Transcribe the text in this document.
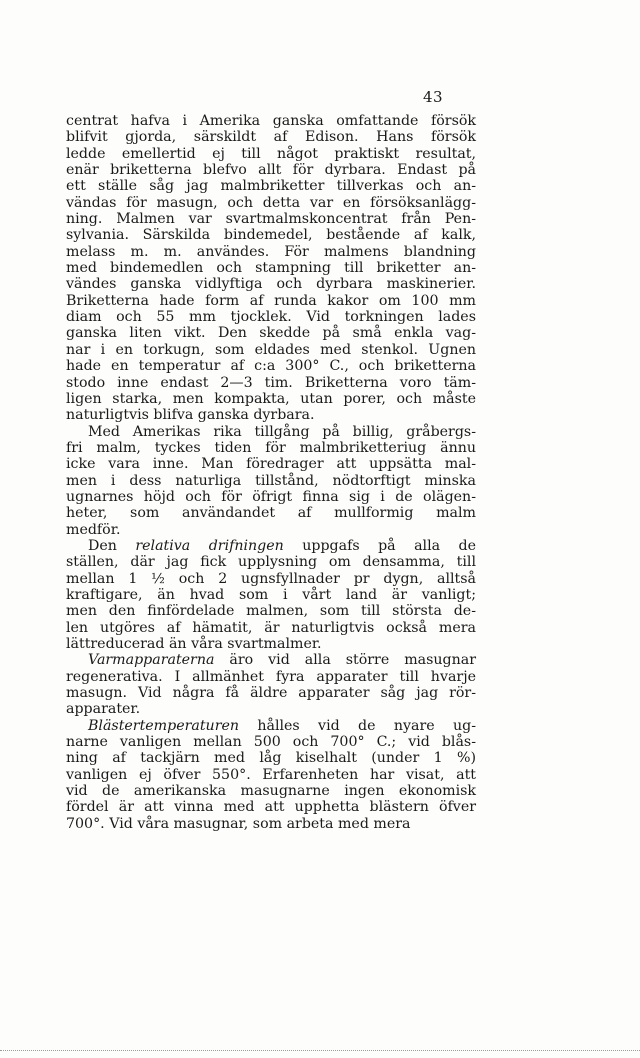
43
centrat hafva i Amerika ganska omfattande försök
blifvit gjorda, särskildt af Edison. Hans försök
ledde emellertid ej till något praktiskt resultat,
enär briketterna blefvo allt för dyrbara. Endast på
ett ställe såg jag malmbriketter tillverkas och an-
vändas för masugn, och detta var en försöksanlägg-
ning. Malmen var svartmalmskoncentrat från Pen-
sylvania. Särskilda bindemedel, bestående af kalk,
melass m. m. användes. För malmens blandning
med bindemedlen och stampning till briketter an-
vändes ganska vidlyftiga och dyrbara maskinerier.
Briketterna hade form af runda kakor om 100 mm
diam och 55 mm tjocklek. Vid torkningen lades
ganska liten vikt. Den skedde på små enkla vag-
nar i en torkugn, som eldades med stenkol. Ugnen
hade en temperatur af c:a 300° C., och briketterna
stodo inne endast 2—3 tim. Briketterna voro täm-
ligen starka, men kompakta, utan porer, och måste
naturligtvis blifva ganska dyrbara.
Med Amerikas rika tillgång på billig, gråbergs-
fri malm, tyckes tiden för malmbriketteriug ännu
icke vara inne. Man föredrager att uppsätta mal-
men i dess naturliga tillstånd, nödtorftigt minska
ugnarnes höjd och för öfrigt finna sig i de olägen-
heter, som användandet af mullformig malm
medför.
Den relativa drifningen uppgafs på alla de
ställen, där jag fick upplysning om densamma, till
mellan 1 ½ och 2 ugnsfyllnader pr dygn, alltså
kraftigare, än hvad som i vårt land är vanligt;
men den finfördelade malmen, som till största de-
len utgöres af hämatit, är naturligtvis också mera
lättreducerad än våra svartmalmer.
Varmapparaterna äro vid alla större masugnar
regenerativa. I allmänhet fyra apparater till hvarje
masugn. Vid några få äldre apparater såg jag rör-
apparater.
Blästertemperaturen hålles vid de nyare ug-
narne vanligen mellan 500 och 700° C.; vid blås-
ning af tackjärn med låg kiselhalt (under 1 %)
vanligen ej öfver 550°. Erfarenheten har visat, att
vid de amerikanska masugnarne ingen ekonomisk
fördel är att vinna med att upphetta blästern öfver
700°. Vid våra masugnar, som arbeta med mera
